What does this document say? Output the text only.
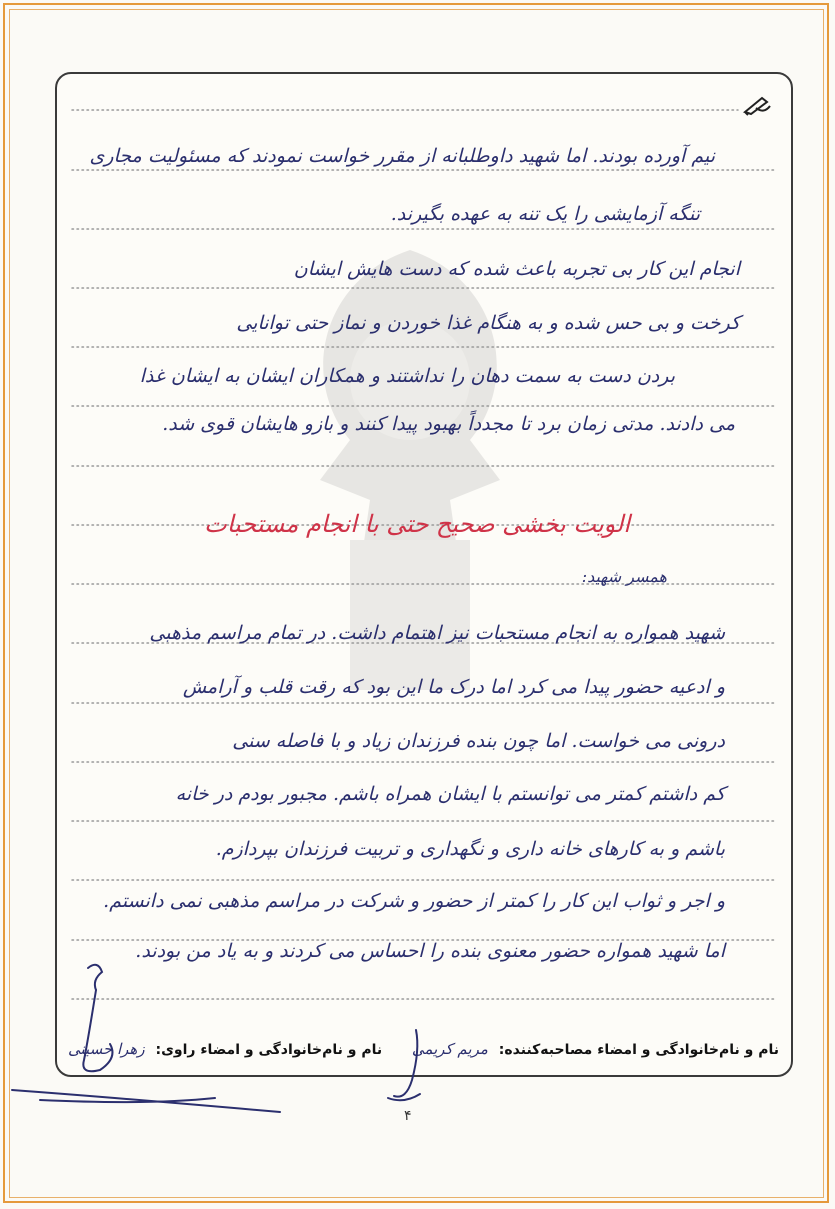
نیم آورده بودند. اما شهید داوطلبانه از مقرر خواست نمودند که مسئولیت مجاری
تنگه آزمایشی را یک تنه به عهده بگیرند.
انجام این کار بی تجربه باعث شده که دست هایش ایشان
کرخت و بی حس شده و به هنگام غذا خوردن و نماز حتی توانایی
بردن دست به سمت دهان را نداشتند و همکاران ایشان به ایشان غذا
می دادند. مدتی زمان برد تا مجدداً بهبود پیدا کنند و بازو هایشان قوی شد.
الویت بخشی صحیح حتی با انجام مستحبات
همسر شهید:
شهید همواره به انجام مستحبات نیز اهتمام داشت. در تمام مراسم مذهبی
و ادعیه حضور پیدا می کرد اما درک ما این بود که رقت قلب و آرامش
درونی می خواست. اما چون بنده فرزندان زیاد و با فاصله سنی
کم داشتم کمتر می توانستم با ایشان همراه باشم. مجبور بودم در خانه
باشم و به کارهای خانه داری و نگهداری و تربیت فرزندان بپردازم.
و اجر و ثواب این کار را کمتر از حضور و شرکت در مراسم مذهبی نمی دانستم.
اما شهید همواره حضور معنوی بنده را احساس می کردند و به یاد من بودند.
نام و نام‌خانوادگی و امضاء مصاحبه‌کننده: مریم کریمی  نام و نام‌خانوادگی و امضاء راوی: زهرا حسینی
۴
